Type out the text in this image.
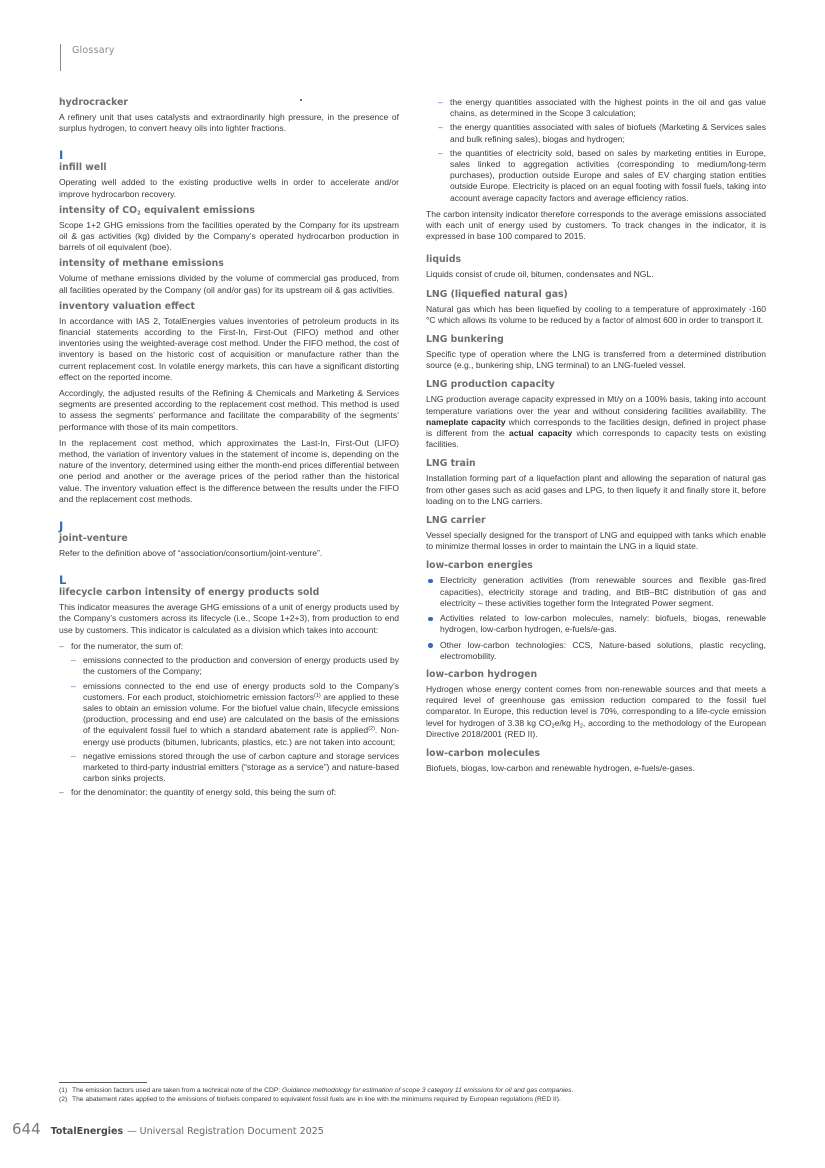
Glossary
hydrocracker
A refinery unit that uses catalysts and extraordinarily high pressure, in the presence of surplus hydrogen, to convert heavy oils into lighter fractions.
I
infill well
Operating well added to the existing productive wells in order to accelerate and/or improve hydrocarbon recovery.
intensity of $CO_2$ equivalent emissions
Scope 1+2 GHG emissions from the facilities operated by the Company for its upstream oil & gas activities (kg) divided by the Company’s operated hydrocarbon production in barrels of oil equivalent (boe).
intensity of methane emissions
Volume of methane emissions divided by the volume of commercial gas produced, from all facilities operated by the Company (oil and/or gas) for its upstream oil & gas activities.
inventory valuation effect
In accordance with IAS 2, TotalEnergies values inventories of petroleum products in its financial statements according to the First-In, First-Out (FIFO) method and other inventories using the weighted-average cost method. Under the FIFO method, the cost of inventory is based on the historic cost of acquisition or manufacture rather than the current replacement cost. In volatile energy markets, this can have a significant distorting effect on the reported income.
Accordingly, the adjusted results of the Refining & Chemicals and Marketing & Services segments are presented according to the replacement cost method. This method is used to assess the segments’ performance and facilitate the comparability of the segments’ performance with those of its main competitors.
In the replacement cost method, which approximates the Last-In, First-Out (LIFO) method, the variation of inventory values in the statement of income is, depending on the nature of the inventory, determined using either the month-end prices differential between one period and another or the average prices of the period rather than the historical value. The inventory valuation effect is the difference between the results under the FIFO and the replacement cost methods.
J
joint-venture
Refer to the definition above of “association/consortium/joint-venture”.
L
lifecycle carbon intensity of energy products sold
This indicator measures the average GHG emissions of a unit of energy products used by the Company’s customers across its lifecycle (i.e., Scope 1+2+3), from production to end use by customers. This indicator is calculated as a division which takes into account:
– for the numerator, the sum of:
– emissions connected to the production and conversion of energy products used by the customers of the Company;
– emissions connected to the end use of energy products sold to the Company’s customers. For each product, stoichiometric emission factors$^{(1)}$ are applied to these sales to obtain an emission volume. For the biofuel value chain, lifecycle emissions (production, processing and end use) are calculated on the basis of the emissions of the equivalent fossil fuel to which a standard abatement rate is applied$^{(2)}$. Non-energy use products (bitumen, lubricants, plastics, etc.) are not taken into account;
– negative emissions stored through the use of carbon capture and storage services marketed to third-party industrial emitters (“storage as a service”) and nature-based carbon sinks projects.
– for the denominator: the quantity of energy sold, this being the sum of:
– the energy quantities associated with the highest points in the oil and gas value chains, as determined in the Scope 3 calculation;
– the energy quantities associated with sales of biofuels (Marketing & Services sales and bulk refining sales), biogas and hydrogen;
– the quantities of electricity sold, based on sales by marketing entities in Europe, sales linked to aggregation activities (corresponding to medium/long-term purchases), production outside Europe and sales of EV charging station entities outside Europe. Electricity is placed on an equal footing with fossil fuels, taking into account average capacity factors and average efficiency ratios.
The carbon intensity indicator therefore corresponds to the average emissions associated with each unit of energy used by customers. To track changes in the indicator, it is expressed in base 100 compared to 2015.
liquids
Liquids consist of crude oil, bitumen, condensates and NGL.
LNG (liquefied natural gas)
Natural gas which has been liquefied by cooling to a temperature of approximately -160 °C which allows its volume to be reduced by a factor of almost 600 in order to transport it.
LNG bunkering
Specific type of operation where the LNG is transferred from a determined distribution source (e.g., bunkering ship, LNG terminal) to an LNG-fueled vessel.
LNG production capacity
LNG production average capacity expressed in Mt/y on a 100% basis, taking into account temperature variations over the year and without considering facilities availability. The nameplate capacity which corresponds to the facilities design, defined in project phase is different from the actual capacity which corresponds to capacity tests on existing facilities.
LNG train
Installation forming part of a liquefaction plant and allowing the separation of natural gas from other gases such as acid gases and LPG, to then liquefy it and finally store it, before loading on to the LNG carriers.
LNG carrier
Vessel specially designed for the transport of LNG and equipped with tanks which enable to minimize thermal losses in order to maintain the LNG in a liquid state.
low-carbon energies
Electricity generation activities (from renewable sources and flexible gas-fired capacities), electricity storage and trading, and BtB–BtC distribution of gas and electricity – these activities together form the Integrated Power segment.
Activities related to low-carbon molecules, namely: biofuels, biogas, renewable hydrogen, low-carbon hydrogen, e-fuels/e-gas.
Other low-carbon technologies: CCS, Nature-based solutions, plastic recycling, electromobility.
low-carbon hydrogen
Hydrogen whose energy content comes from non-renewable sources and that meets a required level of greenhouse gas emission reduction compared to the fossil fuel comparator. In Europe, this reduction level is 70%, corresponding to a life-cycle emission level for hydrogen of 3.38 kg $CO_2e/kg$ $H_2$, according to the methodology of the European Directive 2018/2001 (RED II).
low-carbon molecules
Biofuels, biogas, low-carbon and renewable hydrogen, e-fuels/e-gases.
(1) The emission factors used are taken from a technical note of the CDP: Guidance methodology for estimation of scope 3 category 11 emissions for oil and gas companies.
(2) The abatement rates applied to the emissions of biofuels compared to equivalent fossil fuels are in line with the minimums required by European regulations (RED II).
644 TotalEnergies — Universal Registration Document 2025
